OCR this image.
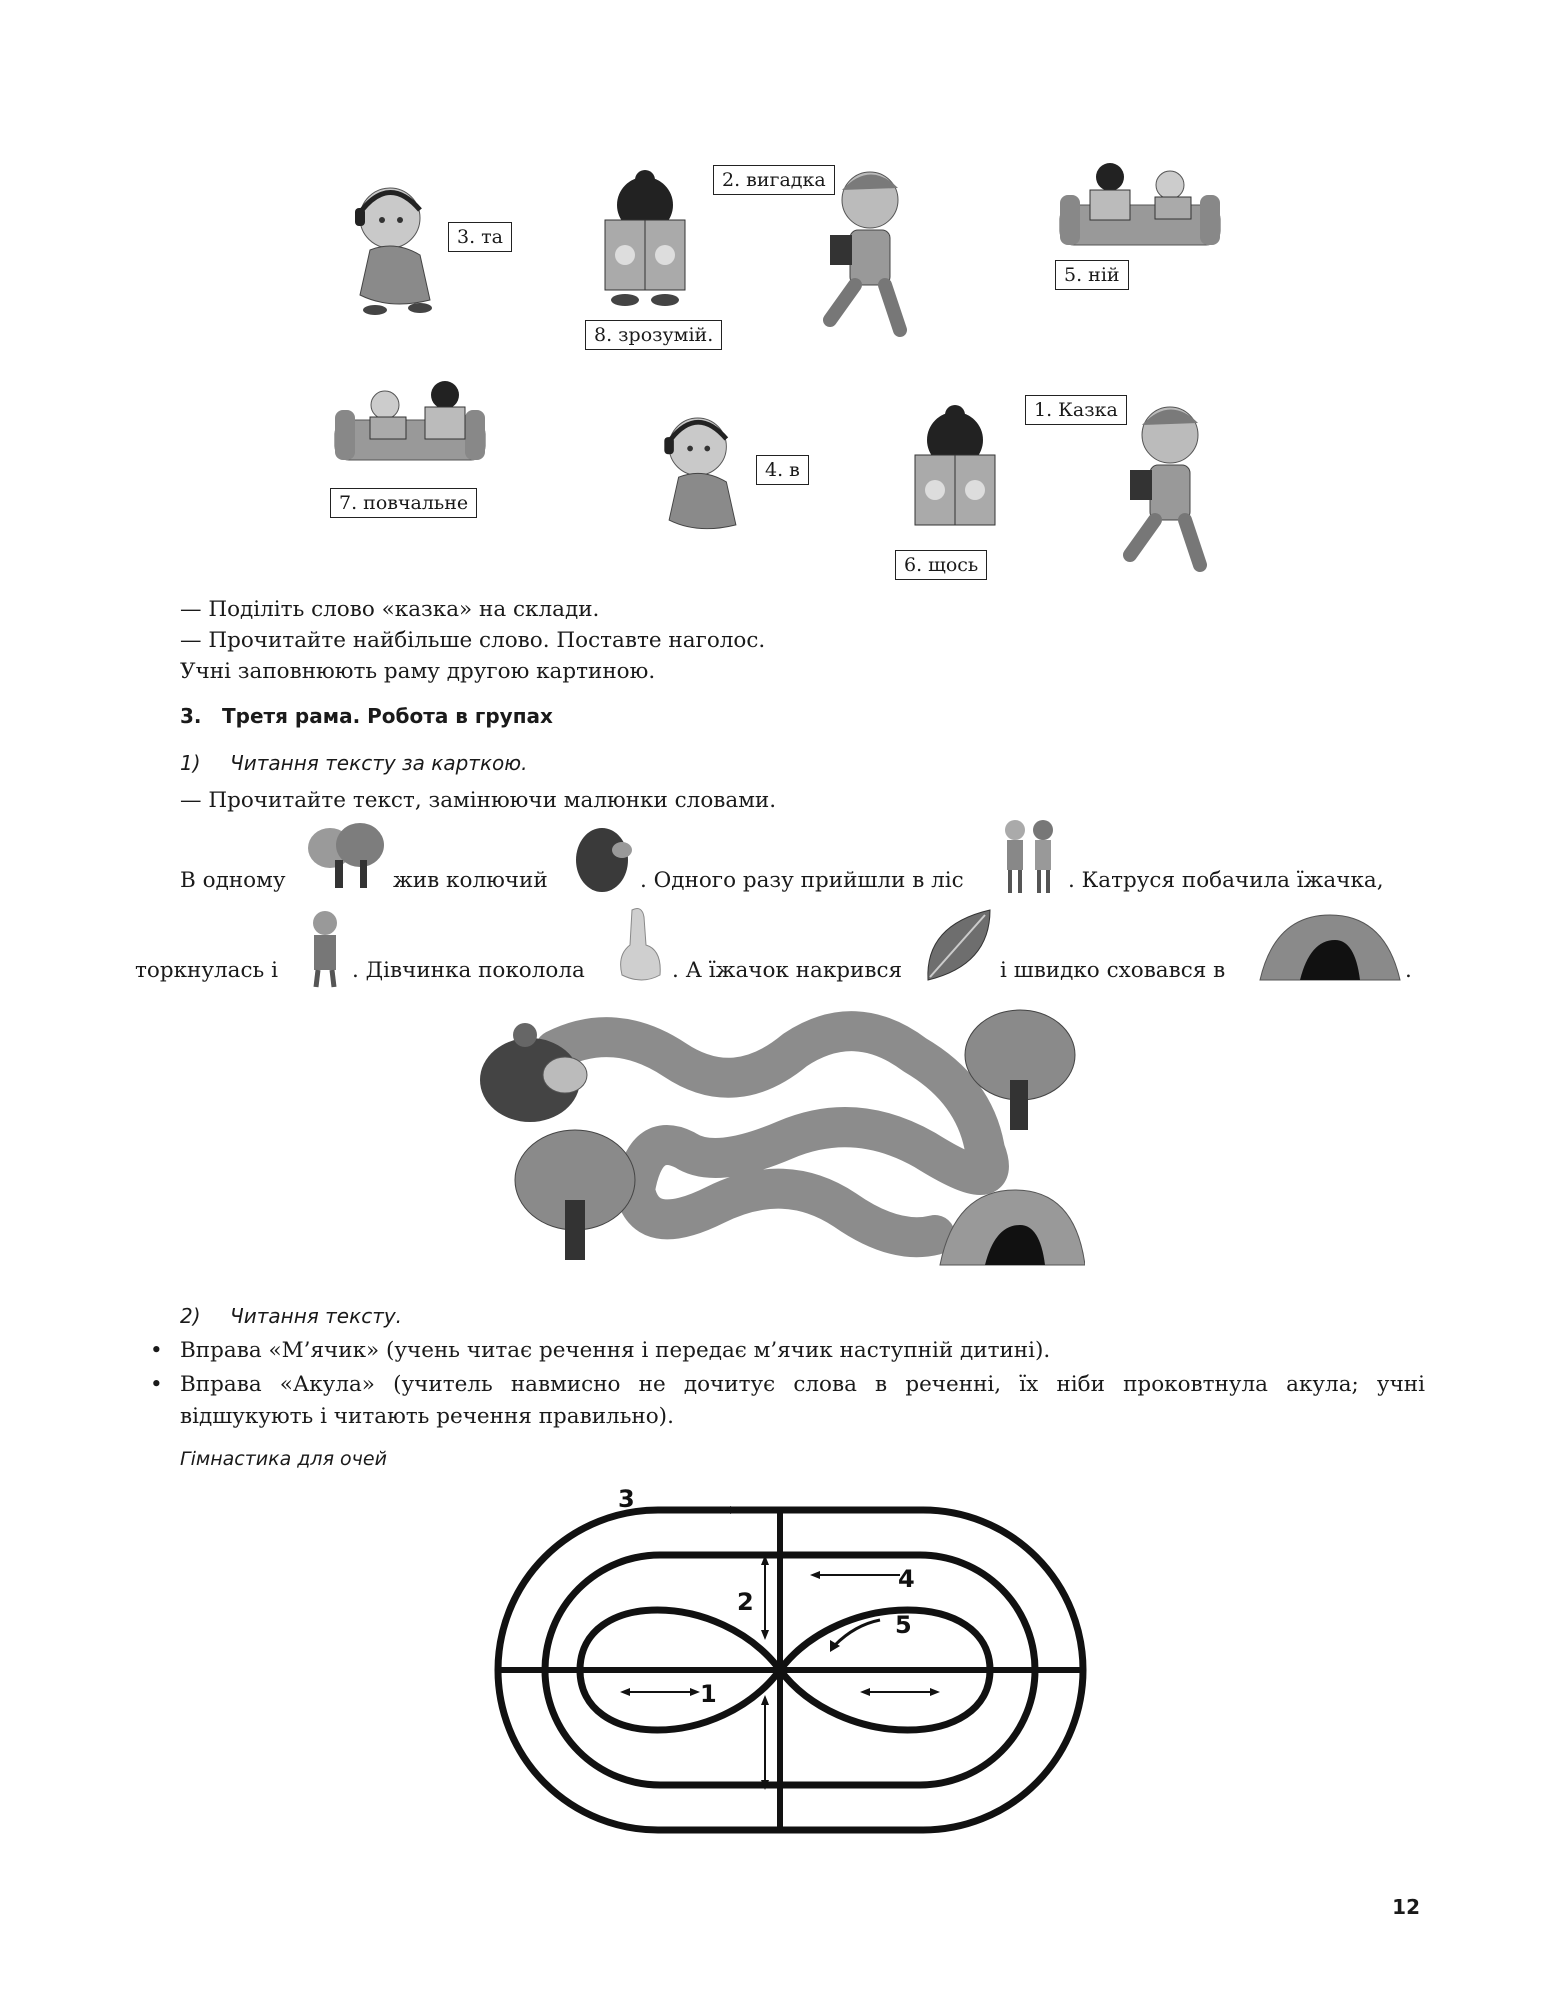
3. та
2. вигадка
8. зрозумій.
5. ній
7. повчальне
4. в
1. Казка
6. щось
— Поділіть слово «казка» на склади.
— Прочитайте найбільше слово. Поставте наголос.
Учні заповнюють раму другою картиною.
3. Третя рама. Робота в групах
1) Читання тексту за карткою.
— Прочитайте текст, замінюючи малюнки словами.
В одному	жив колючий	. Одного разу прийшли в ліс	. Катруся побачила їжачка,
торкнулась і	. Дівчинка поколола	. А їжачок накрився	і швидко сховався в	.
2) Читання тексту.
• Вправа «М’ячик» (учень читає речення і передає м’ячик наступній дитині).
• Вправа «Акула» (учитель навмисно не дочитує слова в реченні, їх ніби проковтнула акула; учні
відшукують і читають речення правильно).
Гімнастика для очей
3
4
2
5
1
12
